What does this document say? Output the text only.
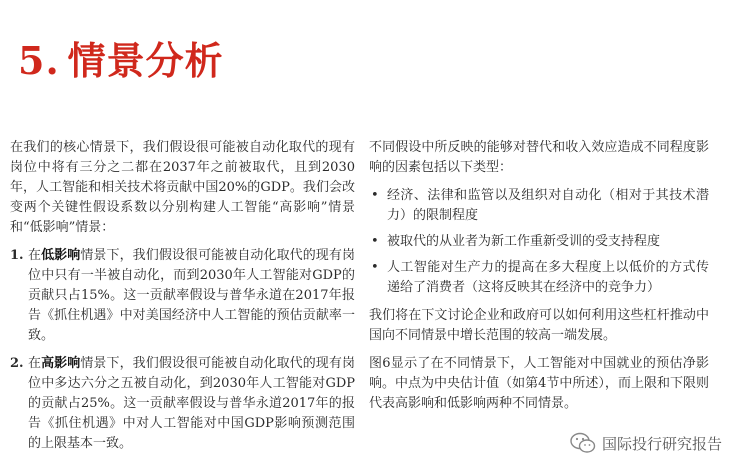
5. 情景分析

在我们的核心情景下，我们假设很可能被自动化取代的现有岗位中将有三分之二都在2037年之前被取代，且到2030年，人工智能和相关技术将贡献中国20%的GDP。我们会改变两个关键性假设系数以分别构建人工智能“高影响”情景和“低影响”情景：

1. 在低影响情景下，我们假设很可能被自动化取代的现有岗位中只有一半被自动化，而到2030年人工智能对GDP的贡献只占15%。这一贡献率假设与普华永道在2017年报告《抓住机遇》中对美国经济中人工智能的预估贡献率一致。
2. 在高影响情景下，我们假设很可能被自动化取代的现有岗位中多达六分之五被自动化，到2030年人工智能对GDP的贡献占25%。这一贡献率假设与普华永道2017年的报告《抓住机遇》中对人工智能对中国GDP影响预测范围的上限基本一致。

不同假设中所反映的能够对替代和收入效应造成不同程度影响的因素包括以下类型：

• 经济、法律和监管以及组织对自动化（相对于其技术潜力）的限制程度
• 被取代的从业者为新工作重新受训的受支持程度
• 人工智能对生产力的提高在多大程度上以低价的方式传递给了消费者（这将反映其在经济中的竞争力）

我们将在下文讨论企业和政府可以如何利用这些杠杆推动中国向不同情景中增长范围的较高一端发展。

图6显示了在不同情景下，人工智能对中国就业的预估净影响。中点为中央估计值（如第4节中所述），而上限和下限则代表高影响和低影响两种不同情景。

国际投行研究报告
